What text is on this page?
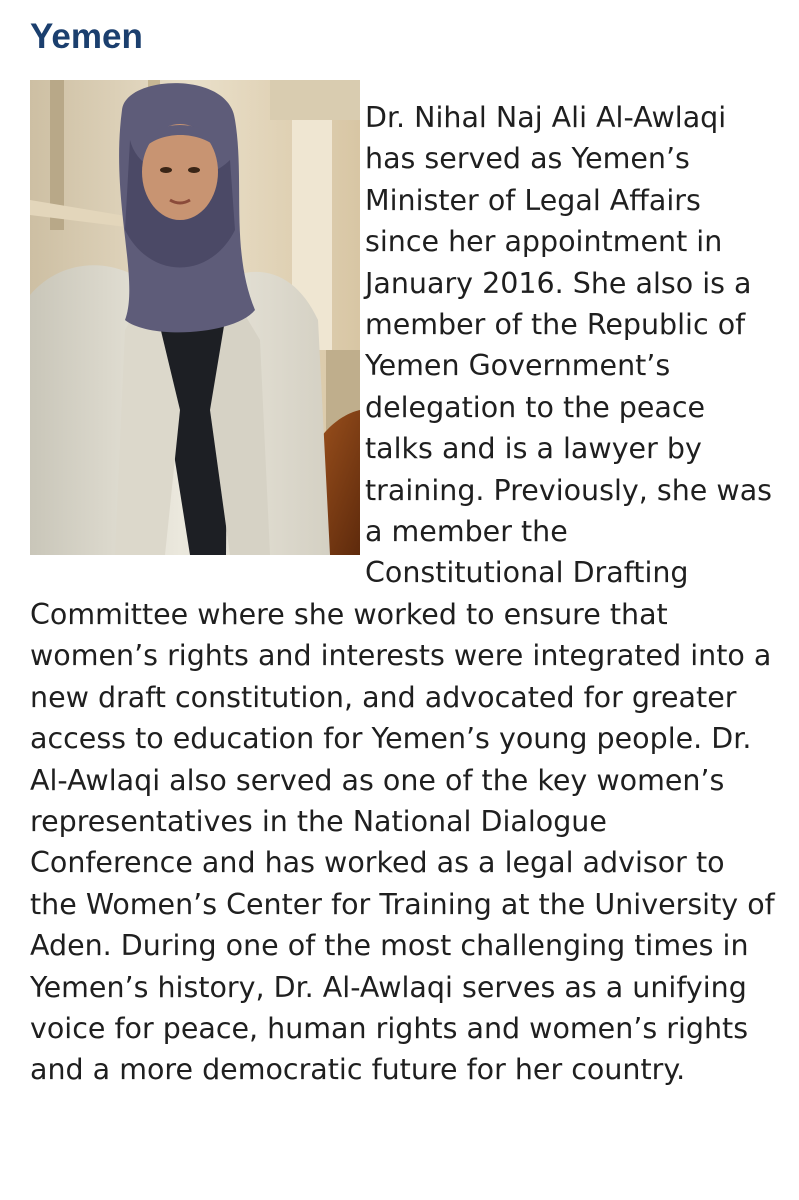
Yemen
Dr. Nihal Naj Ali Al-Awlaqi has served as Yemen’s Minister of Legal Affairs since her appointment in January 2016. She also is a member of the Republic of Yemen Government’s delegation to the peace talks and is a lawyer by training. Previously, she was a member the Constitutional Drafting Committee where she worked to ensure that women’s rights and interests were integrated into a new draft constitution, and advocated for greater access to education for Yemen’s young people. Dr. Al-Awlaqi also served as one of the key women’s representatives in the National Dialogue Conference and has worked as a legal advisor to the Women’s Center for Training at the University of Aden. During one of the most challenging times in Yemen’s history, Dr. Al-Awlaqi serves as a unifying voice for peace, human rights and women’s rights and a more democratic future for her country.
